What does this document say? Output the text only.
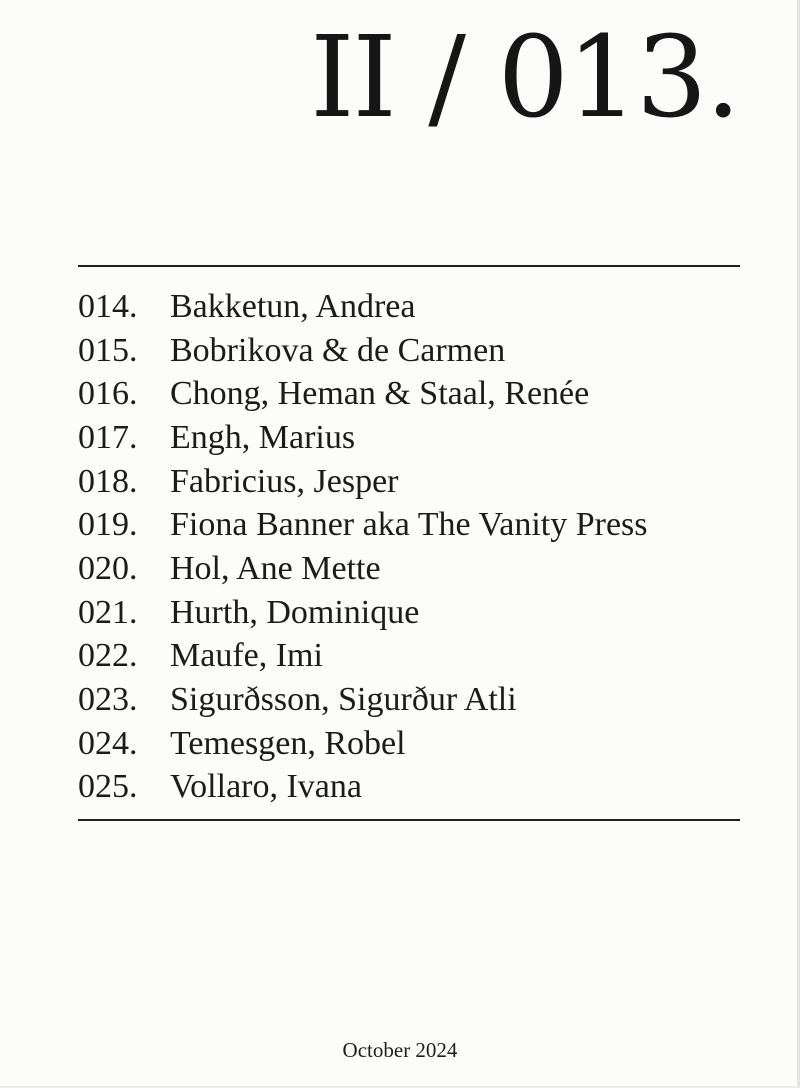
II / 013.
014. Bakketun, Andrea
015. Bobrikova & de Carmen
016. Chong, Heman & Staal, Renée
017. Engh, Marius
018. Fabricius, Jesper
019. Fiona Banner aka The Vanity Press
020. Hol, Ane Mette
021. Hurth, Dominique
022. Maufe, Imi
023. Sigurðsson, Sigurður Atli
024. Temesgen, Robel
025. Vollaro, Ivana
October 2024
